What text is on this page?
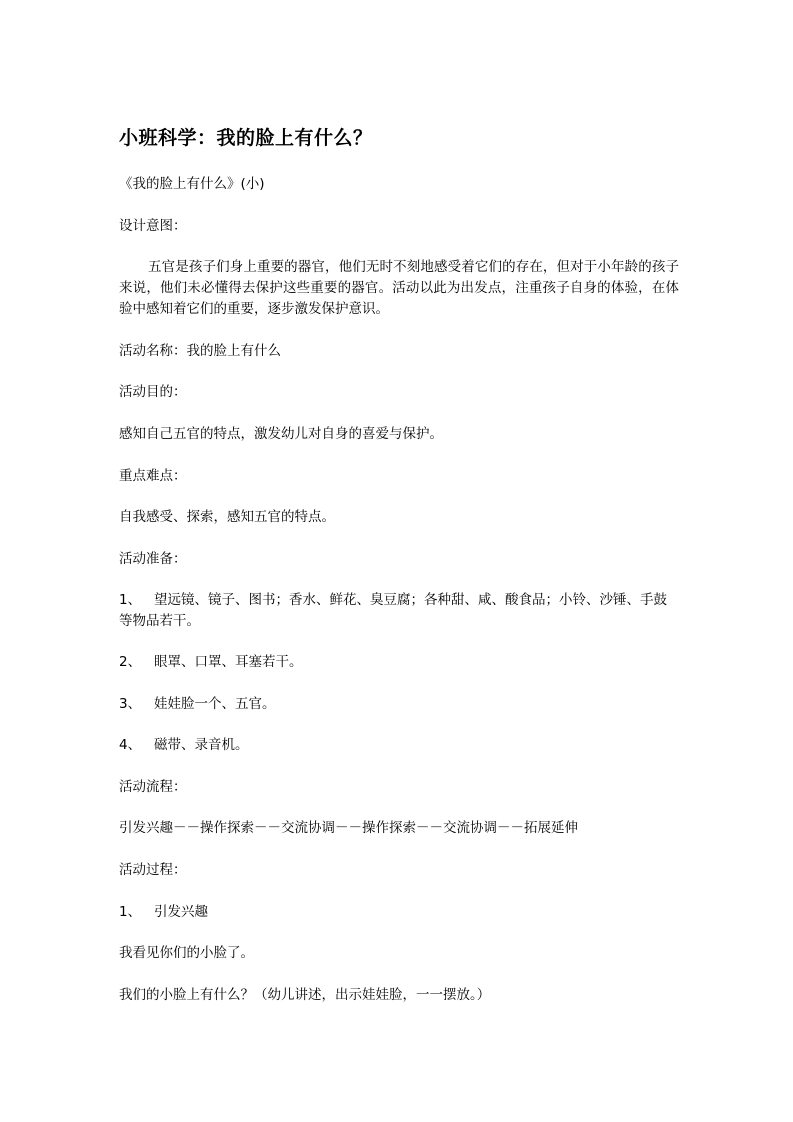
小班科学：我的脸上有什么？
《我的脸上有什么》(小)
设计意图：
五官是孩子们身上重要的器官，他们无时不刻地感受着它们的存在，但对于小年龄的孩子来说，他们未必懂得去保护这些重要的器官。活动以此为出发点，注重孩子自身的体验，在体验中感知着它们的重要，逐步激发保护意识。
活动名称：我的脸上有什么
活动目的：
感知自己五官的特点，激发幼儿对自身的喜爱与保护。
重点难点：
自我感受、探索，感知五官的特点。
活动准备：
1、 望远镜、镜子、图书；香水、鲜花、臭豆腐；各种甜、咸、酸食品；小铃、沙锤、手鼓等物品若干。
2、 眼罩、口罩、耳塞若干。
3、 娃娃脸一个、五官。
4、 磁带、录音机。
活动流程：
引发兴趣－－操作探索－－交流协调－－操作探索－－交流协调－－拓展延伸
活动过程：
1、 引发兴趣
我看见你们的小脸了。
我们的小脸上有什么？（幼儿讲述，出示娃娃脸，一一摆放。）
